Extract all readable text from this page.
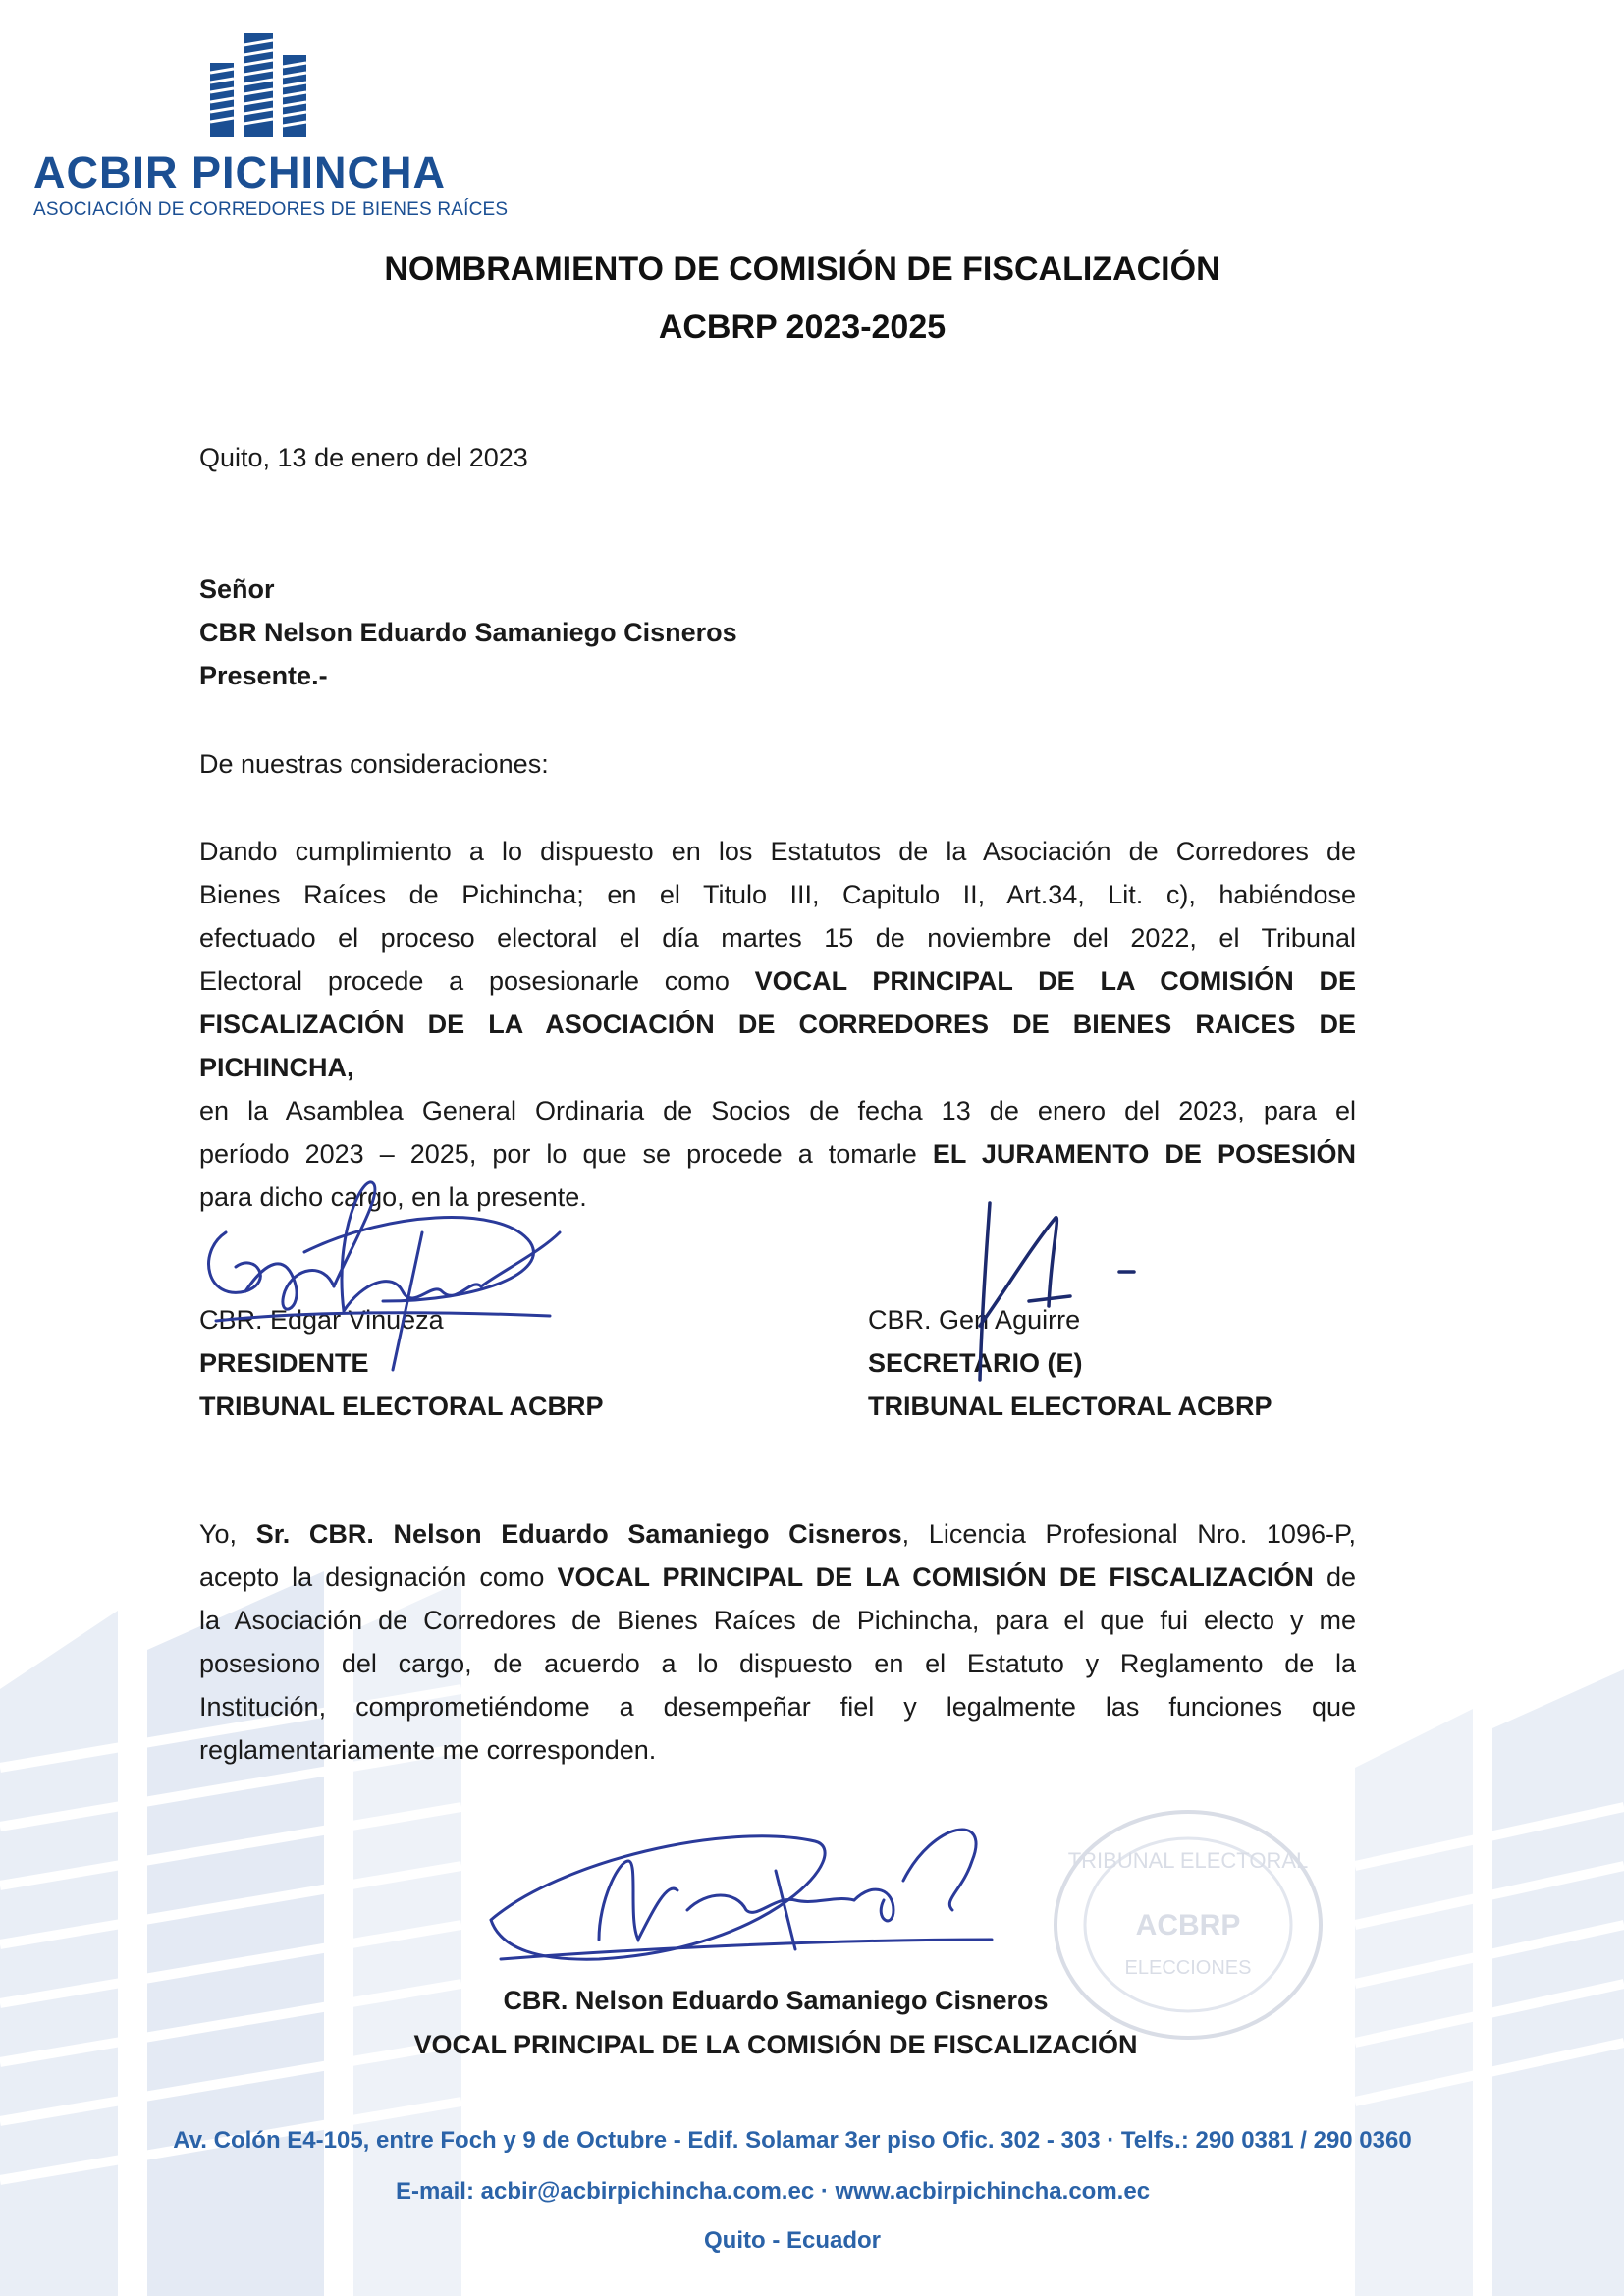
ACBIR PICHINCHA
ASOCIACIÓN DE CORREDORES DE BIENES RAÍCES
NOMBRAMIENTO DE COMISIÓN DE FISCALIZACIÓN
ACBRP 2023-2025
Quito, 13 de enero del 2023
Señor
CBR Nelson Eduardo Samaniego Cisneros
Presente.-
De nuestras consideraciones:
Dando cumplimiento a lo dispuesto en los Estatutos de la Asociación de Corredores de
Bienes Raíces de Pichincha; en el Titulo III, Capitulo II, Art.34, Lit. c), habiéndose
efectuado el proceso electoral el día martes 15 de noviembre del 2022, el Tribunal
Electoral procede a posesionarle como VOCAL PRINCIPAL DE LA COMISIÓN DE
FISCALIZACIÓN DE LA ASOCIACIÓN DE CORREDORES DE BIENES RAICES DE PICHINCHA,
en la Asamblea General Ordinaria de Socios de fecha 13 de enero del 2023, para el
período 2023 – 2025, por lo que se procede a tomarle EL JURAMENTO DE POSESIÓN
para dicho cargo, en la presente.
CBR. Edgar Vinueza
PRESIDENTE
TRIBUNAL ELECTORAL ACBRP
CBR. Gen Aguirre
SECRETARIO (E)
TRIBUNAL ELECTORAL ACBRP
Yo, Sr. CBR. Nelson Eduardo Samaniego Cisneros, Licencia Profesional Nro. 1096-P,
acepto la designación como VOCAL PRINCIPAL DE LA COMISIÓN DE FISCALIZACIÓN de
la Asociación de Corredores de Bienes Raíces de Pichincha, para el que fui electo y me
posesiono del cargo, de acuerdo a lo dispuesto en el Estatuto y Reglamento de la
Institución, comprometiéndome a desempeñar fiel y legalmente las funciones que
reglamentariamente me corresponden.
TRIBUNAL ELECTORAL
ACBRP
ELECCIONES
CBR. Nelson Eduardo Samaniego Cisneros
VOCAL PRINCIPAL DE LA COMISIÓN DE FISCALIZACIÓN
Av. Colón E4-105, entre Foch y 9 de Octubre - Edif. Solamar 3er piso Ofic. 302 - 303 · Telfs.: 290 0381 / 290 0360
E-mail: acbir@acbirpichincha.com.ec · www.acbirpichincha.com.ec
Quito - Ecuador
